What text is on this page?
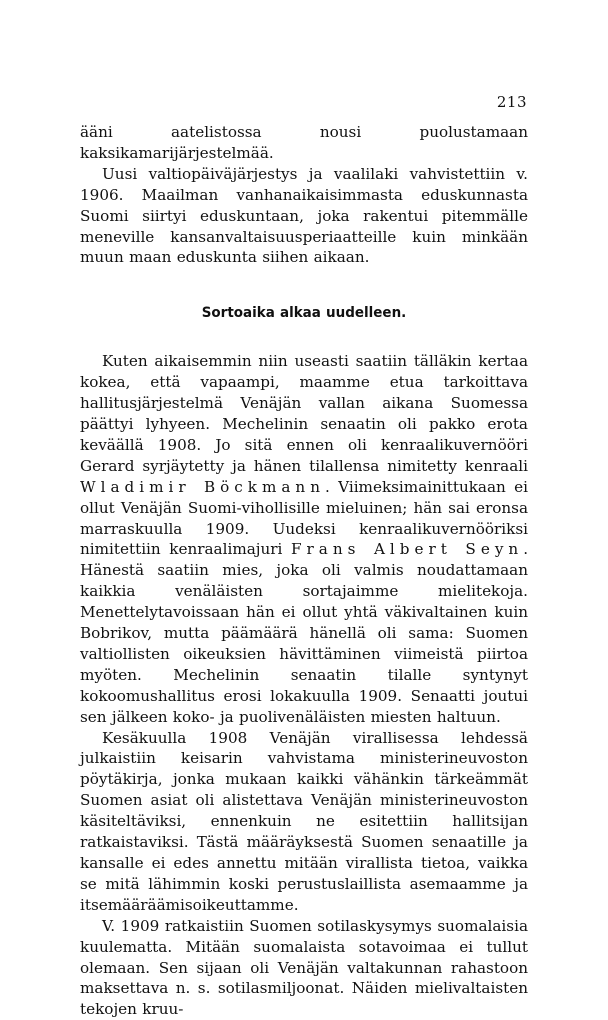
213

ääni aatelistossa nousi puolustamaan kaksikamarijärjestelmää.

Uusi valtiopäiväjärjestys ja vaalilaki vahvistettiin v. 1906. Maailman vanhanaikaisimmasta eduskunnasta Suomi siirtyi eduskuntaan, joka rakentui pitemmälle meneville kansanvaltaisuusperiaatteille kuin minkään muun maan eduskunta siihen aikaan.

Sortoaika alkaa uudelleen.

Kuten aikaisemmin niin useasti saatiin tälläkin kertaa kokea, että vapaampi, maamme etua tarkoittava hallitusjärjestelmä Venäjän vallan aikana Suomessa päättyi lyhyeen. Mechelinin senaatin oli pakko erota keväällä 1908. Jo sitä ennen oli kenraalikuvernööri Gerard syrjäytetty ja hänen tilallensa nimitetty kenraali Wladimir Böckmann. Viimeksimainittukaan ei ollut Venäjän Suomi-vihollisille mieluinen; hän sai eronsa marraskuulla 1909. Uudeksi kenraalikuvernööriksi nimitettiin kenraalimajuri Frans Albert Seyn. Hänestä saatiin mies, joka oli valmis noudattamaan kaikkia venäläisten sortajaimme mielitekoja. Menettelytavoissaan hän ei ollut yhtä väkivaltainen kuin Bobrikov, mutta päämäärä hänellä oli sama: Suomen valtiollisten oikeuksien hävittäminen viimeistä piirtoa myöten. Mechelinin senaatin tilalle syntynyt kokoomushallitus erosi lokakuulla 1909. Senaatti joutui sen jälkeen koko- ja puolivenäläisten miesten haltuun.

Kesäkuulla 1908 Venäjän virallisessa lehdessä julkaistiin keisarin vahvistama ministerineuvoston pöytäkirja, jonka mukaan kaikki vähänkin tärkeämmät Suomen asiat oli alistettava Venäjän ministerineuvoston käsiteltäviksi, ennenkuin ne esitettiin hallitsijan ratkaistaviksi. Tästä määräyksestä Suomen senaatille ja kansalle ei edes annettu mitään virallista tietoa, vaikka se mitä lähimmin koski perustuslaillista asemaamme ja itsemääräämisoikeuttamme.

V. 1909 ratkaistiin Suomen sotilaskysymys suomalaisia kuulematta. Mitään suomalaista sotavoimaa ei tullut olemaan. Sen sijaan oli Venäjän valtakunnan rahastoon maksettava n. s. sotilasmiljoonat. Näiden mielivaltaisten tekojen kruu-
